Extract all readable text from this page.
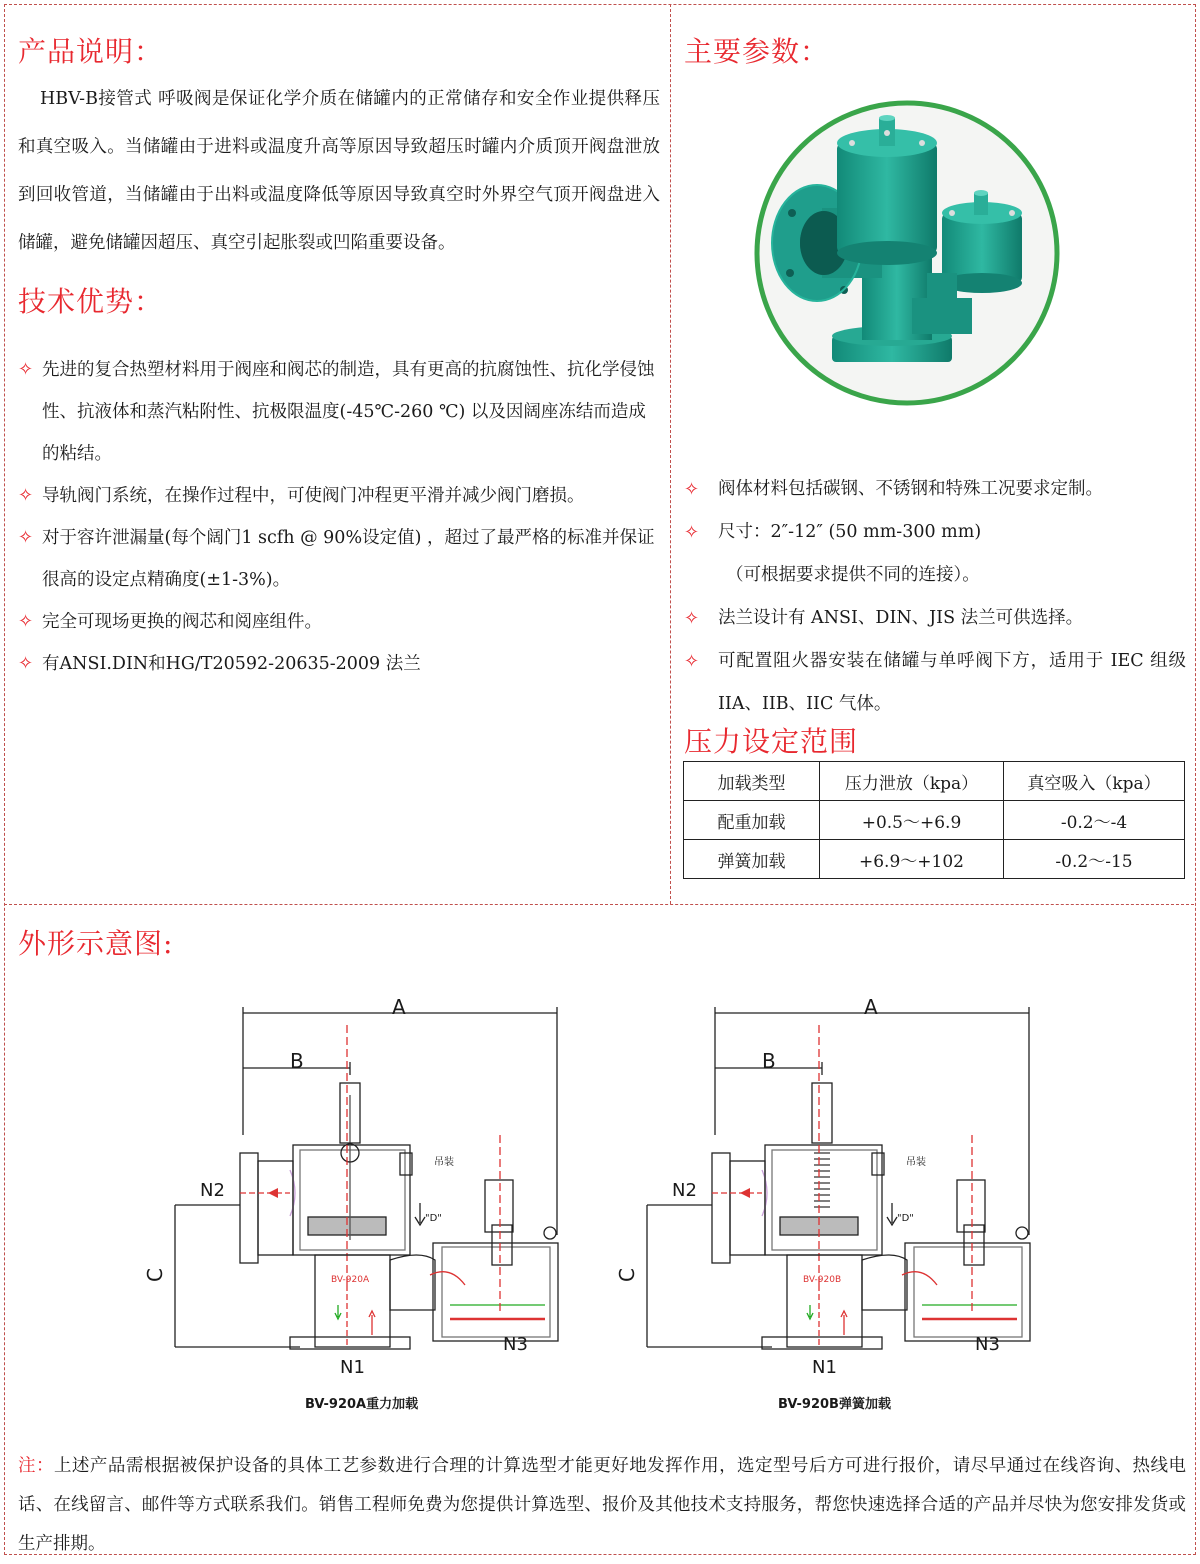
产品说明：
HBV-B接管式 呼吸阀是保证化学介质在储罐内的正常储存和安全作业提供释压和真空吸入。当储罐由于进料或温度升高等原因导致超压时罐内介质顶开阀盘泄放到回收管道，当储罐由于出料或温度降低等原因导致真空时外界空气顶开阀盘进入储罐，避免储罐因超压、真空引起胀裂或凹陷重要设备。
技术优势：
✧ 先进的复合热塑材料用于阀座和阀芯的制造，具有更高的抗腐蚀性、抗化学侵蚀性、抗液体和蒸汽粘附性、抗极限温度(-45℃-260 ℃) 以及因阔座冻结而造成的粘结。
✧ 导轨阀门系统，在操作过程中，可使阀门冲程更平滑并减少阀门磨损。
✧ 对于容许泄漏量(每个阔门1 scfh @ 90%设定值) ，超过了最严格的标准并保证很高的设定点精确度(±1-3%)。
✧ 完全可现场更换的阀芯和阅座组件。
✧ 有ANSI.DIN和HG/T20592-20635-2009 法兰
主要参数：
✧ 阀体材料包括碳钢、不锈钢和特殊工况要求定制。
✧ 尺寸：2″-12″ (50 mm-300 mm)
（可根据要求提供不同的连接）。
✧ 法兰设计有 ANSI、DIN、JIS 法兰可供选择。
✧ 可配置阻火器安装在储罐与单呼阀下方，适用于 IEC 组级 IIA、IIB、IIC 气体。
压力设定范围
加载类型	压力泄放（kpa）	真空吸入（kpa）
配重加载	+0.5～+6.9	-0.2～-4
弹簧加载	+6.9～+102	-0.2～-15
外形示意图:
A
B
C
N1
N2
N3
"D"
吊装
BV-920A
BV-920A重力加载
A
B
C
N1
N2
N3
"D"
吊装
BV-920B
BV-920B弹簧加载
注：上述产品需根据被保护设备的具体工艺参数进行合理的计算选型才能更好地发挥作用，选定型号后方可进行报价，请尽早通过在线咨询、热线电话、在线留言、邮件等方式联系我们。销售工程师免费为您提供计算选型、报价及其他技术支持服务，帮您快速选择合适的产品并尽快为您安排发货或生产排期。
